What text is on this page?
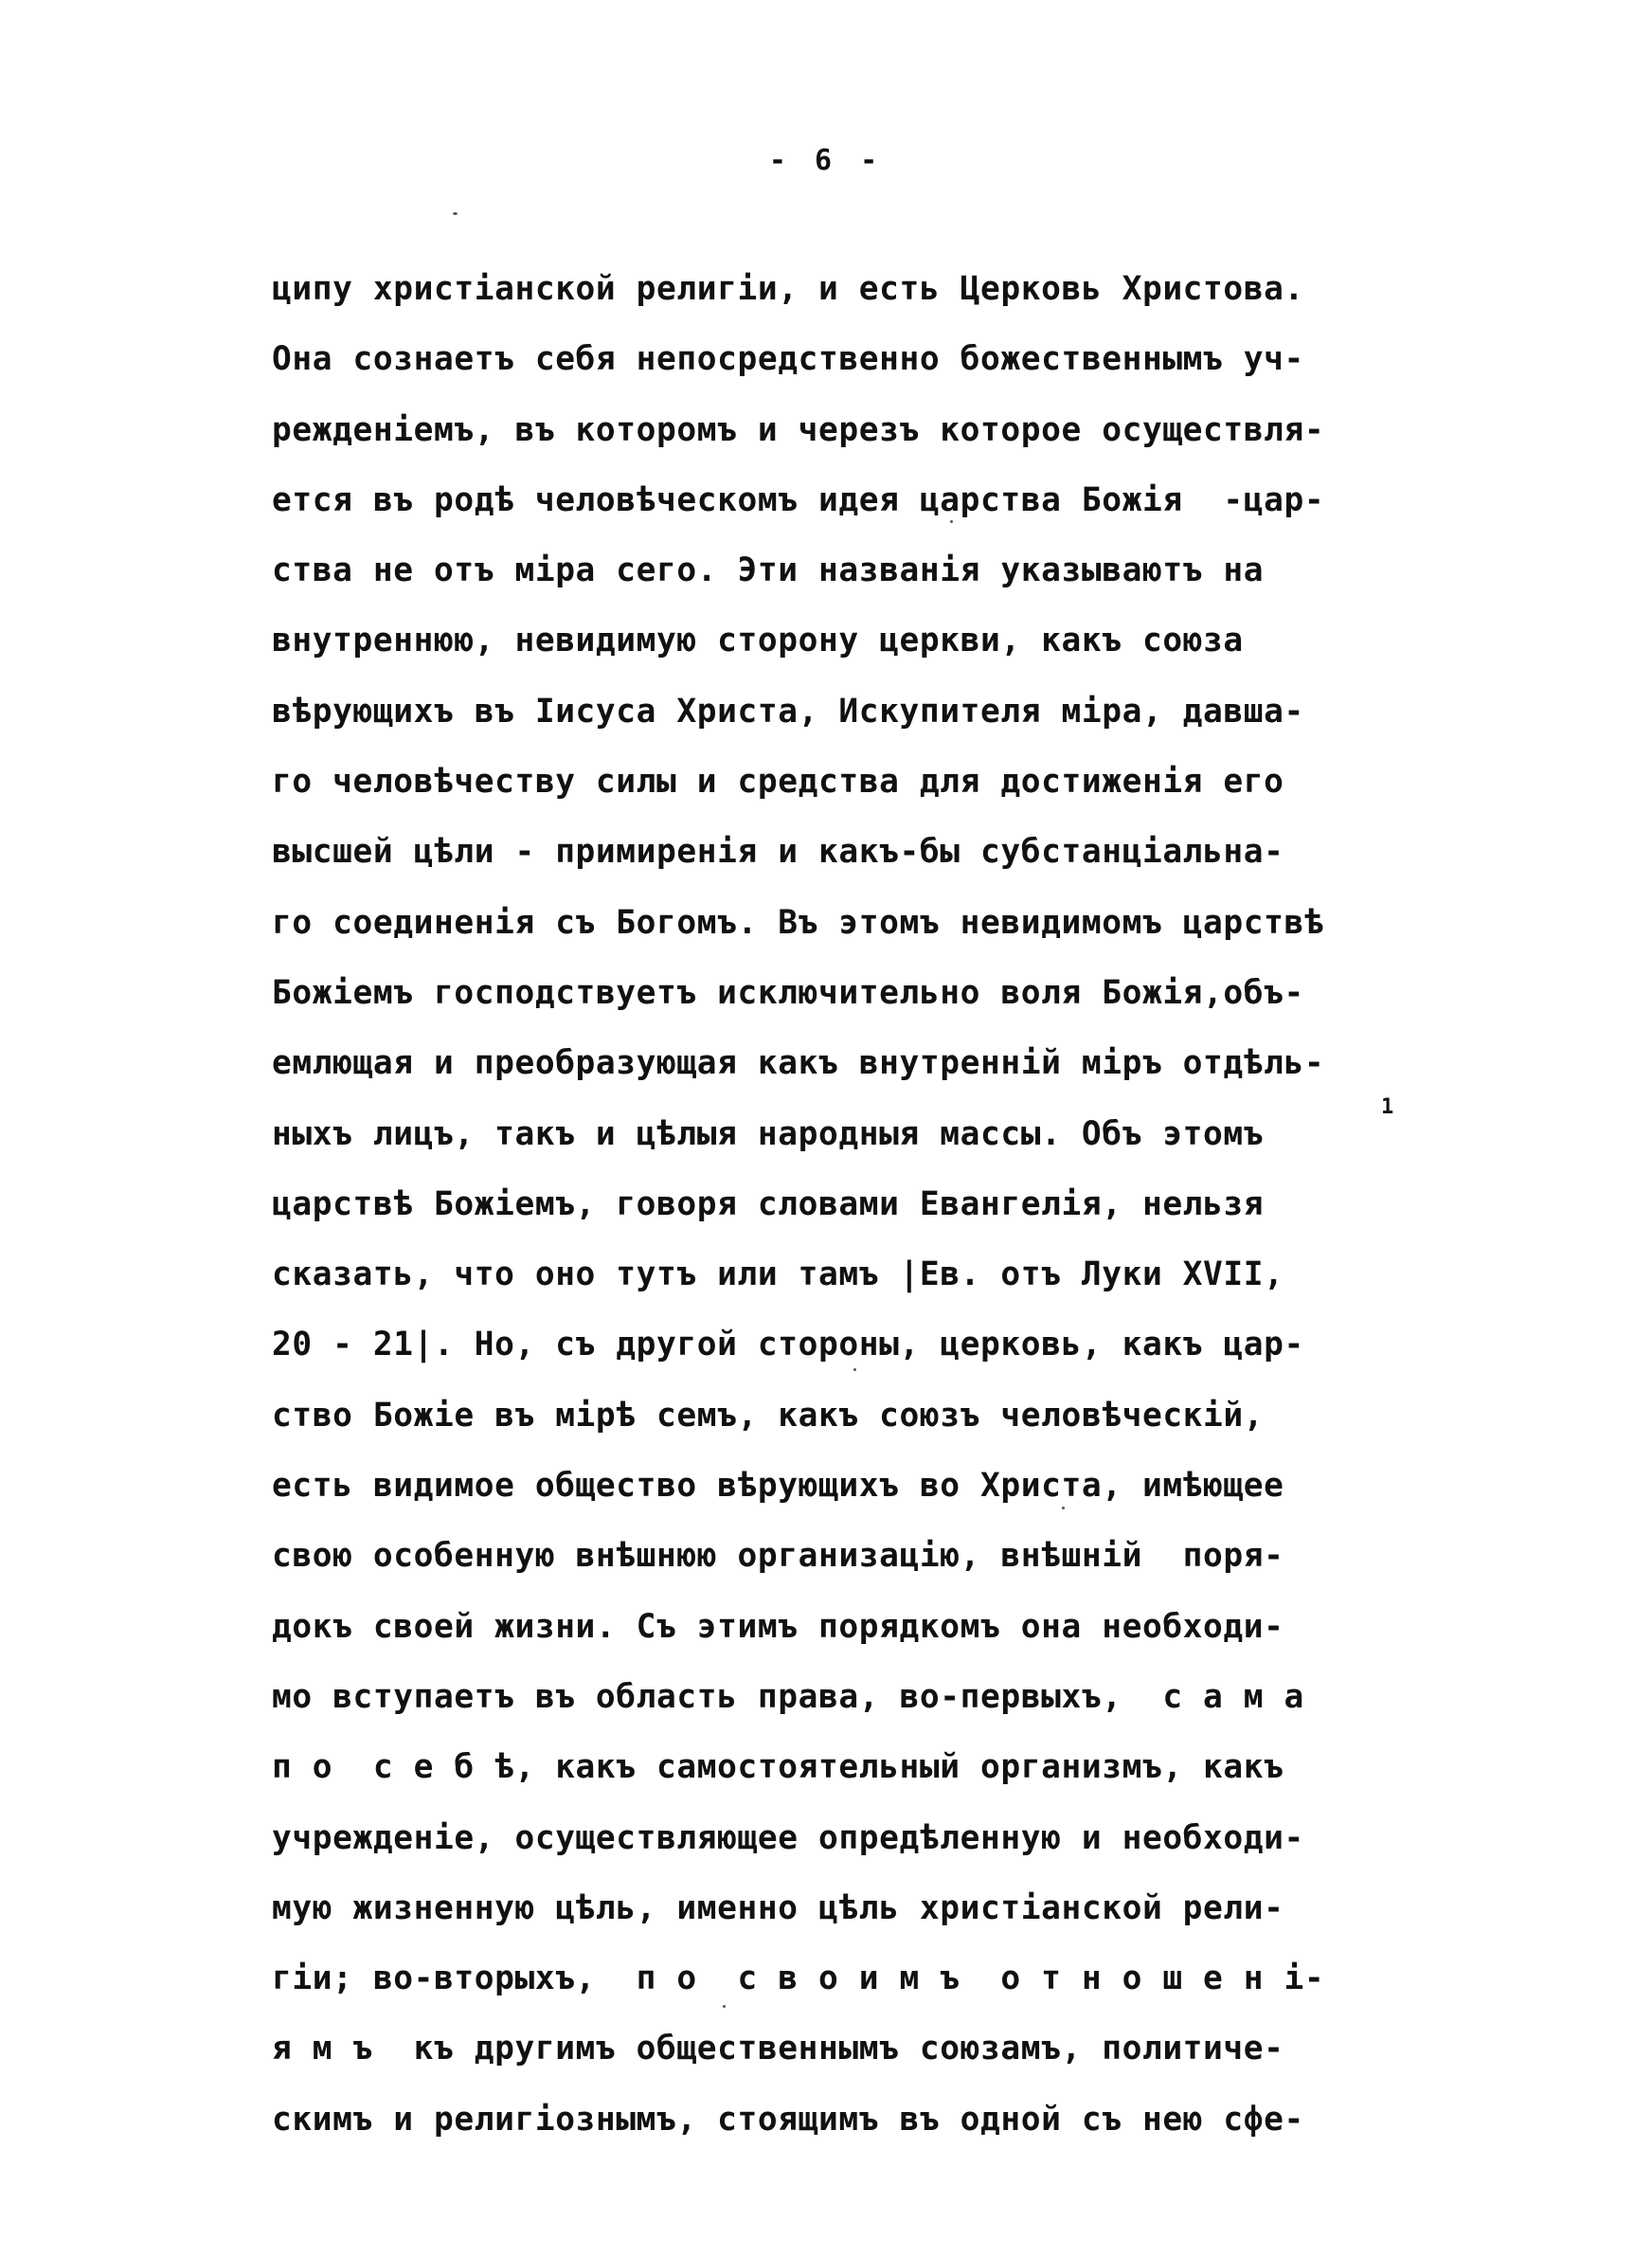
- 6 -
ципу христіанской религіи, и есть Церковь Христова.
Она сознаетъ себя непосредственно божественнымъ уч-
режденіемъ, въ которомъ и черезъ которое осуществля-
ется въ родѣ человѣческомъ идея царства Божія  -цар-
ства не отъ міра сего. Эти названія указываютъ на
внутреннюю, невидимую сторону церкви, какъ союза
вѣрующихъ въ Іисуса Христа, Искупителя міра, давша-
го человѣчеству силы и средства для достиженія его
высшей цѣли - примиренія и какъ-бы субстанціальна-
го соединенія съ Богомъ. Въ этомъ невидимомъ царствѣ
Божіемъ господствуетъ исключительно воля Божія,объ-
емлющая и преобразующая какъ внутренній міръ отдѣль-
ныхъ лицъ, такъ и цѣлыя народныя массы. Объ этомъ
царствѣ Божіемъ, говоря словами Евангелія, нельзя
сказать, что оно тутъ или тамъ |Ев. отъ Луки XVII,
20 - 21|. Но, съ другой стороны, церковь, какъ цар-
ство Божіе въ мірѣ семъ, какъ союзъ человѣческій,
есть видимое общество вѣрующихъ во Христа, имѣющее
свою особенную внѣшнюю организацію, внѣшній  поря-
докъ своей жизни. Съ этимъ порядкомъ она необходи-
мо вступаетъ въ область права, во-первыхъ,  с а м а
п о  с е б ѣ, какъ самостоятельный организмъ, какъ
учрежденіе, осуществляющее опредѣленную и необходи-
мую жизненную цѣль, именно цѣль христіанской рели-
гіи; во-вторыхъ,  п о  с в о и м ъ  о т н о ш е н і-
я м ъ  къ другимъ общественнымъ союзамъ, политиче-
скимъ и религіознымъ, стоящимъ въ одной съ нею сфе-
1
